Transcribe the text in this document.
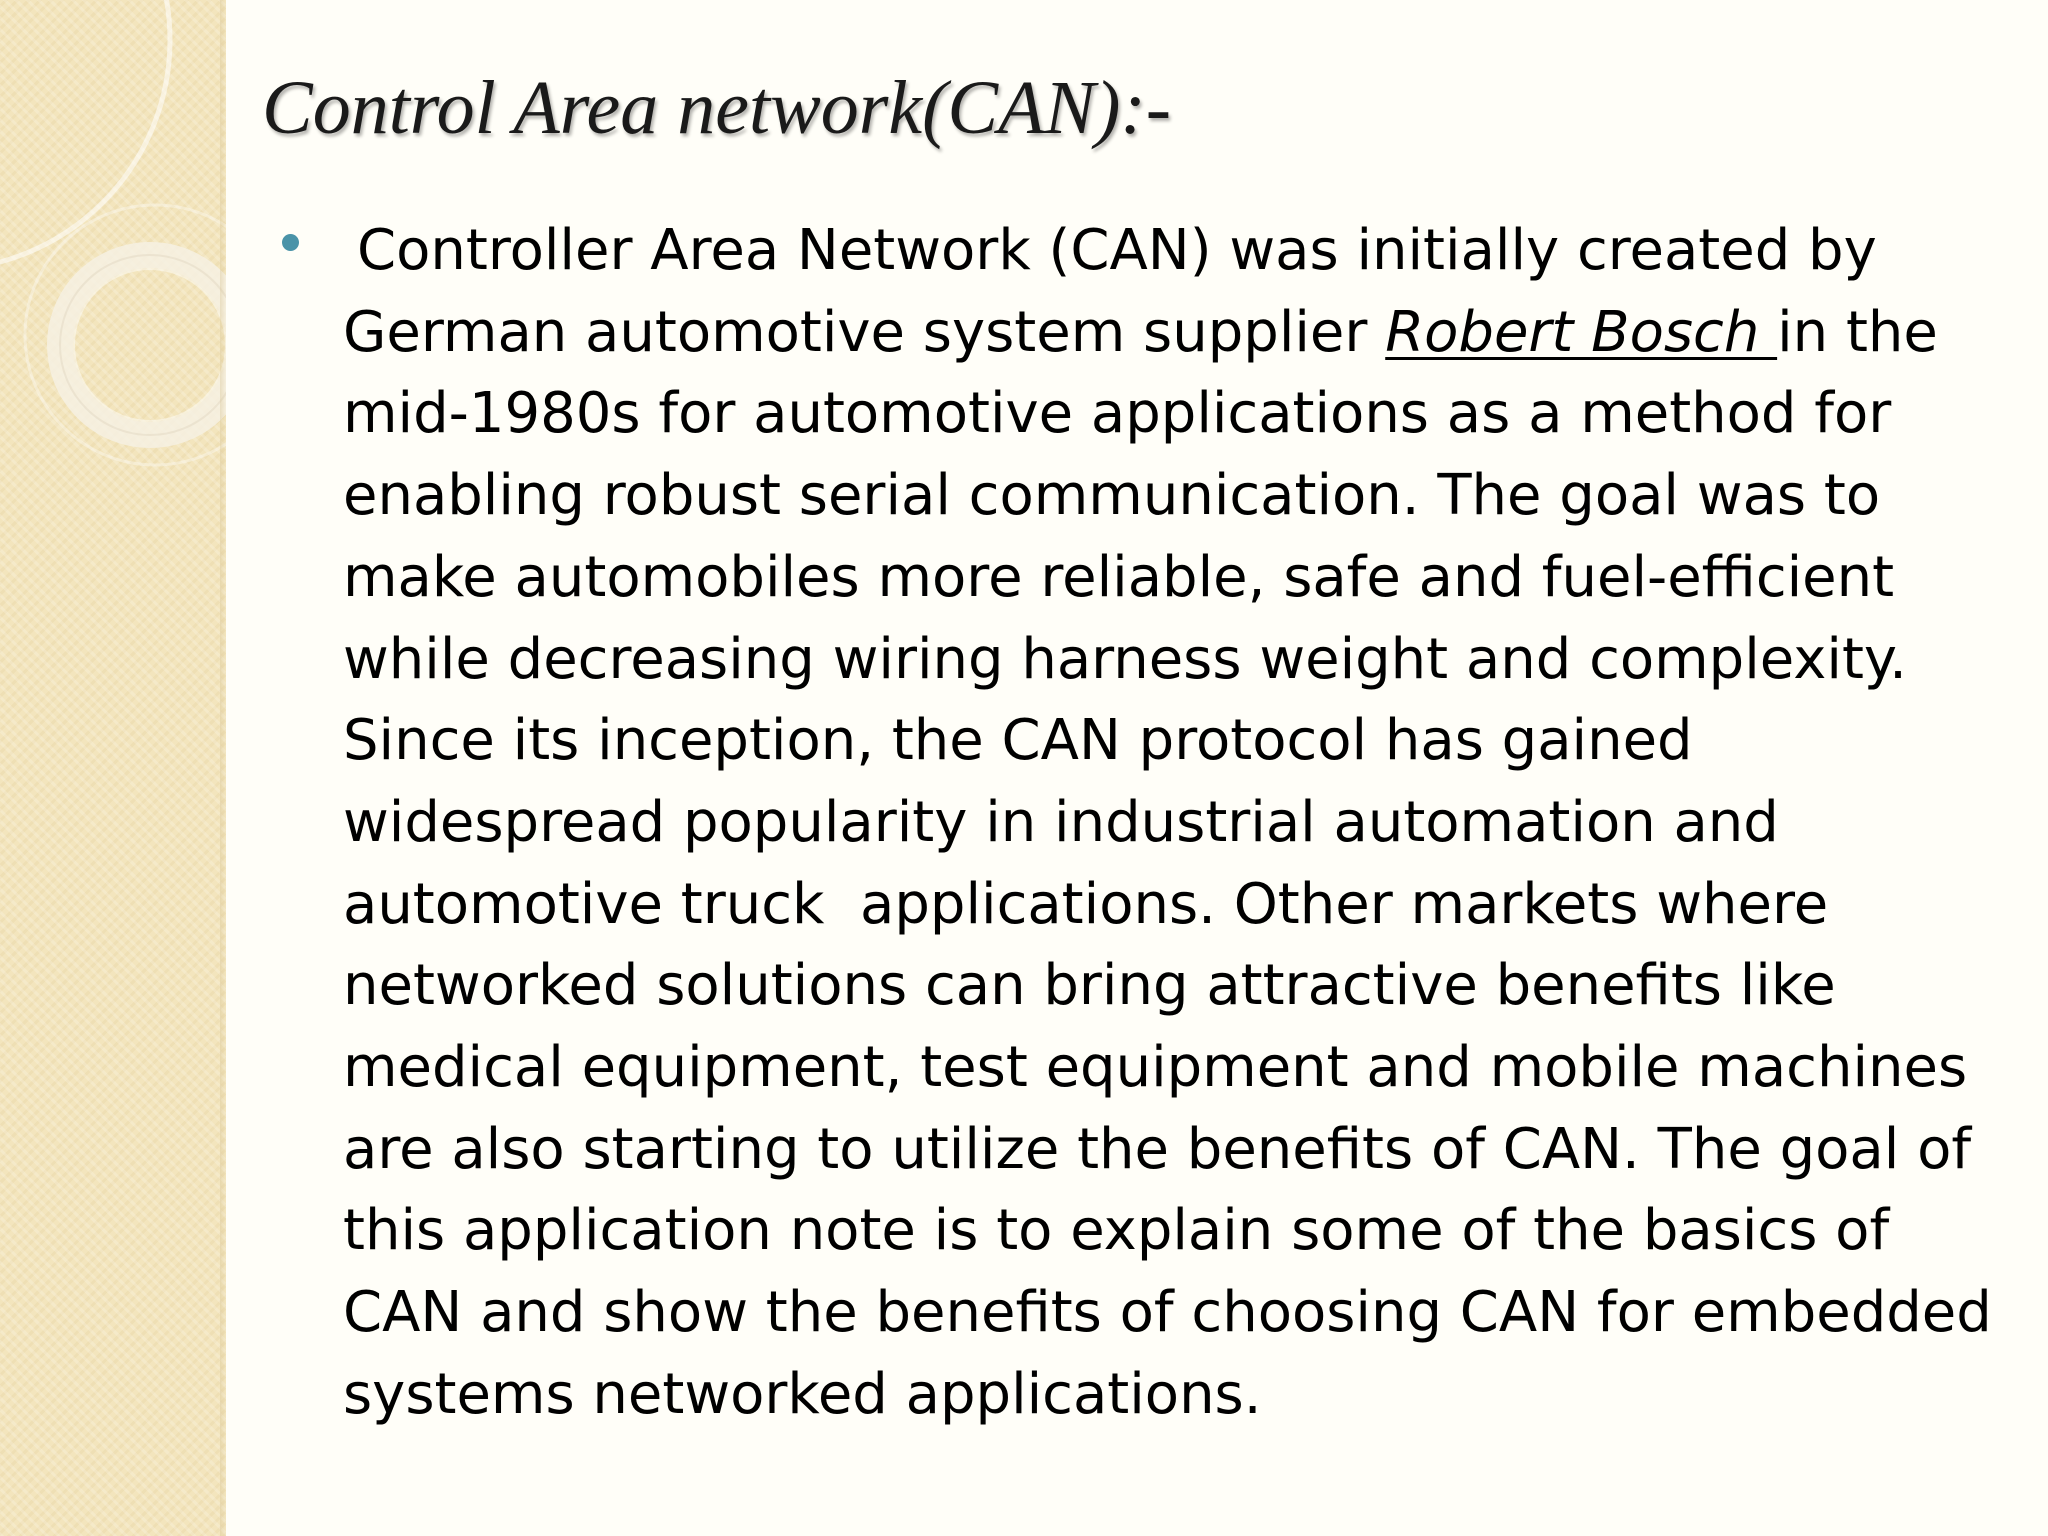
Control Area network(CAN):-
Controller Area Network (CAN) was initially created by
German automotive system supplier Robert Bosch in the
mid-1980s for automotive applications as a method for
enabling robust serial communication. The goal was to
make automobiles more reliable, safe and fuel-efficient
while decreasing wiring harness weight and complexity.
Since its inception, the CAN protocol has gained
widespread popularity in industrial automation and
automotive truck  applications. Other markets where
networked solutions can bring attractive benefits like
medical equipment, test equipment and mobile machines
are also starting to utilize the benefits of CAN. The goal of
this application note is to explain some of the basics of
CAN and show the benefits of choosing CAN for embedded
systems networked applications.
